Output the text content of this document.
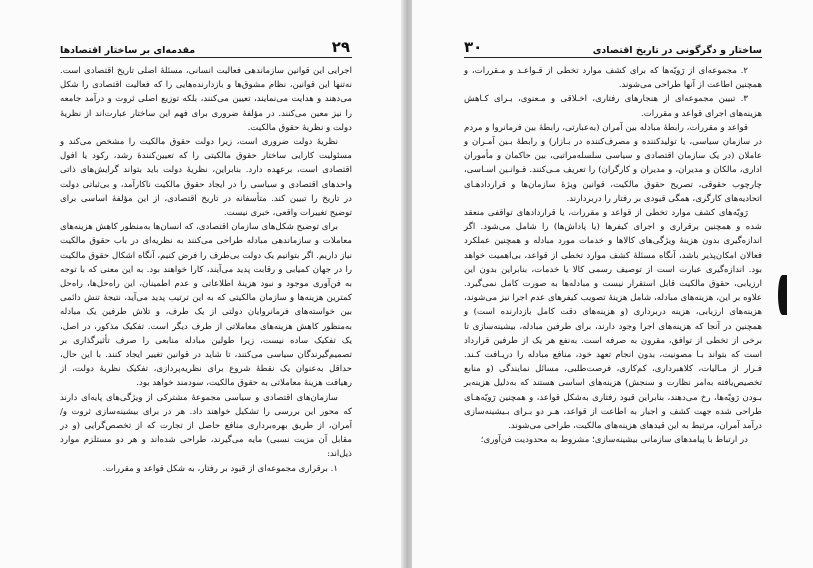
۲۹
مقدمه‌ای بر ساختار اقتصادها

اجرایی این قوانین سازماندهی فعالیت انسانی، مسئلهٔ اصلی تاریخ اقتصادی است. نه‌تنها این قوانین، نظام مشوق‌ها و بازدارنده‌هایی را که فعالیت اقتصادی را شکل می‌دهند و هدایت می‌نمایند، تعیین می‌کنند، بلکه توزیع اصلی ثروت و درآمد جامعه را نیز معین می‌کنند. در مؤلفهٔ ضروری برای فهم این ساختار عبارت‌اند از نظریهٔ دولت و نظریهٔ حقوق مالکیت.

نظریهٔ دولت ضروری است، زیرا دولت حقوق مالکیت را مشخص می‌کند و مسئولیت کارایی ساختار حقوق مالکیتی را که تعیین‌کنندهٔ رشد، رکود یا افول اقتصادی است، برعهده دارد. بنابراین، نظریهٔ دولت باید بتواند گرایش‌های ذاتی واحدهای اقتصادی و سیاسی را در ایجاد حقوق مالکیت ناکارآمد، و بی‌ثباتی دولت در تاریخ را تبیین کند. متأسفانه در تاریخ اقتصادی، از این مؤلفهٔ اساسی برای توضیح تغییرات واقعی، خبری نیست.

برای توضیح شکل‌های سازمان اقتصادی، که انسان‌ها به‌منظور کاهش هزینه‌های معاملات و سازماندهی مبادله طراحی می‌کنند به نظریه‌ای در باب حقوق مالکیت نیاز داریم. اگر بتوانیم یک دولت بی‌طرف را فرض کنیم، آنگاه اشکال حقوق مالکیت را در جهان کمیابی و رقابت پدید می‌آیند، کارا خواهند بود. به این معنی که با توجه به فن‌آوری موجود و نبود هزینهٔ اطلاعاتی و عدم اطمینان، این راه‌حل‌ها، راه‌حل کمترین هزینه‌ها و سازمان مالکیتی که به این ترتیب پدید می‌آید، نتیجهٔ تنش دائمی بین خواسته‌های فرمانروایان دولتی از یک طرف، و تلاش طرفین یک مبادله به‌منظور کاهش هزینه‌های معاملاتی از طرف دیگر است. تفکیک مذکور، در اصل، یک تفکیک ساده نیست، زیرا طولین مبادله منابعی را صرف تأثیرگذاری بر تصمیم‌گیرندگان سیاسی می‌کنند، تا شاید در قوانین تغییر ایجاد کنند. با این حال، حداقل به‌عنوان یک نقطهٔ شروع برای نظریه‌پردازی، تفکیک نظریهٔ دولت، از رهیافت هزینهٔ معاملاتی به حقوق مالکیت، سودمند خواهد بود.

سازمان‌های اقتصادی و سیاسی مجموعهٔ مشترکی از ویژگی‌های پایه‌ای دارند که محور این بررسی را تشکیل خواهند داد. هر در برای بیشینه‌سازی ثروت و/اَمران، از طریق بهره‌برداری منافع حاصل از تجارت که از تخصص‌گرایی (و در مقابل آن مزیت نسبی) مایه می‌گیرند، طراحی شده‌اند و هر دو مستلزم موارد ذیل‌اند:

۱. برقراری مجموعه‌ای از قیود بر رفتار، به شکل قواعد و مقررات.

ساختار و دگرگونی در تاریخ اقتصادی
۳۰

۲. مجموعه‌ای از رَویّه‌ها که برای کشف موارد تخطی از قـواعـد و مـقررات، و همچنین اطاعت از آنها طراحی می‌شوند.

۳. تبیین مجموعه‌ای از هنجارهای رفتاری، اخـلاقی و مـعنوی، بـرای کـاهش هزینه‌های اجرای قواعد و مقررات.

قواعد و مقررات، رابطهٔ مبادله بین آمران (به‌عبارتی، رابطهٔ بین فرمانروا و مردم در سازمان سیاسی، یا تولیدکننده و مصرف‌کننده در بـازار) و رابطهٔ بـین آمـران و عاملان (در یک سازمان اقتصادی و سیاسی سلسله‌مراتبی، بین حاکمان و مأموران اداری، مالکان و مدیران، و مدیران و کارگران) را تعریف مـی‌کنند. قـوانـین اسـاسی، چارچوب حقوقی، تصریح حقوق مالکیت، قوانین ویژهٔ سازمان‌ها و قراردادهـای اتحادیه‌های کارگری، همگی قیودی بر رفتار را دربردارند.

رَویّه‌های کشف موارد تخطی از قواعد و مقررات، یا قراردادهای تواقفی منعقد شده و همچنین برقراری و اجرای کیفرها (یا پاداش‌ها) را شامل می‌شود. اگر اندازه‌گیری بدون هزینهٔ ویژگی‌های کالاها و خدمات مورد مبادله و همچنین عملکرد فعالان امکان‌پذیر باشد، آنگاه مسئلهٔ کشف موارد تخطی از قواعد، بی‌اهمیت خواهد بود. اندازه‌گیری عبارت است از توصیف رسمی کالا یا خدمات، بنابراین بدون این ارزیابی، حقوق مالکیت قابل استقرار نیست و مبادله‌ها به صورت کامل نمی‌گیرد. علاوه بر این، هزینه‌های مبادله، شامل هزینهٔ تصویب کیفرهای عدم اجرا نیز می‌شوند، هزینه‌های ارزیابی، هزینه دربرداری (و هزینه‌های دقت کامل بازدارنده است) و همچنین در آنجا که هزینه‌های اجرا وجود دارند، برای طرفین مبادله، بیشینه‌سازی تا برخی از تخطی از توافق، مقرون به صرفه است. به‌نفع هر یک از طرفین قرارداد است که بتواند بـا مصونیت، بدون انجام تعهد خود، منافع مبادله را دریـافت کـند. فـرار از مـالیات، کلاهبرداری، کم‌کاری، فرصت‌طلبی، مسائل نمایندگی (و منابع تخصیص‌یافته به‌امر نظارت و سنجش) هزینه‌های اساسی هستند که به‌دلیل هزینه‌بر بـودن رَویّه‌ها، رخ می‌دهند، بنابراین قیود رفتاری به‌شکل قواعد، و همچنین رَویّه‌هـای طراحی شده جهت کشف و اجبار به اطاعت از قواعد، هـر دو بـرای بـیشینه‌سازی درآمد آمران، مرتبط به این قیدهای هزینه‌های مالکیت، طراحی می‌شوند.

در ارتباط با پیامدهای سازمانی بیشینه‌سازی؛ مشروط به محدودیت فن‌آوری؛
